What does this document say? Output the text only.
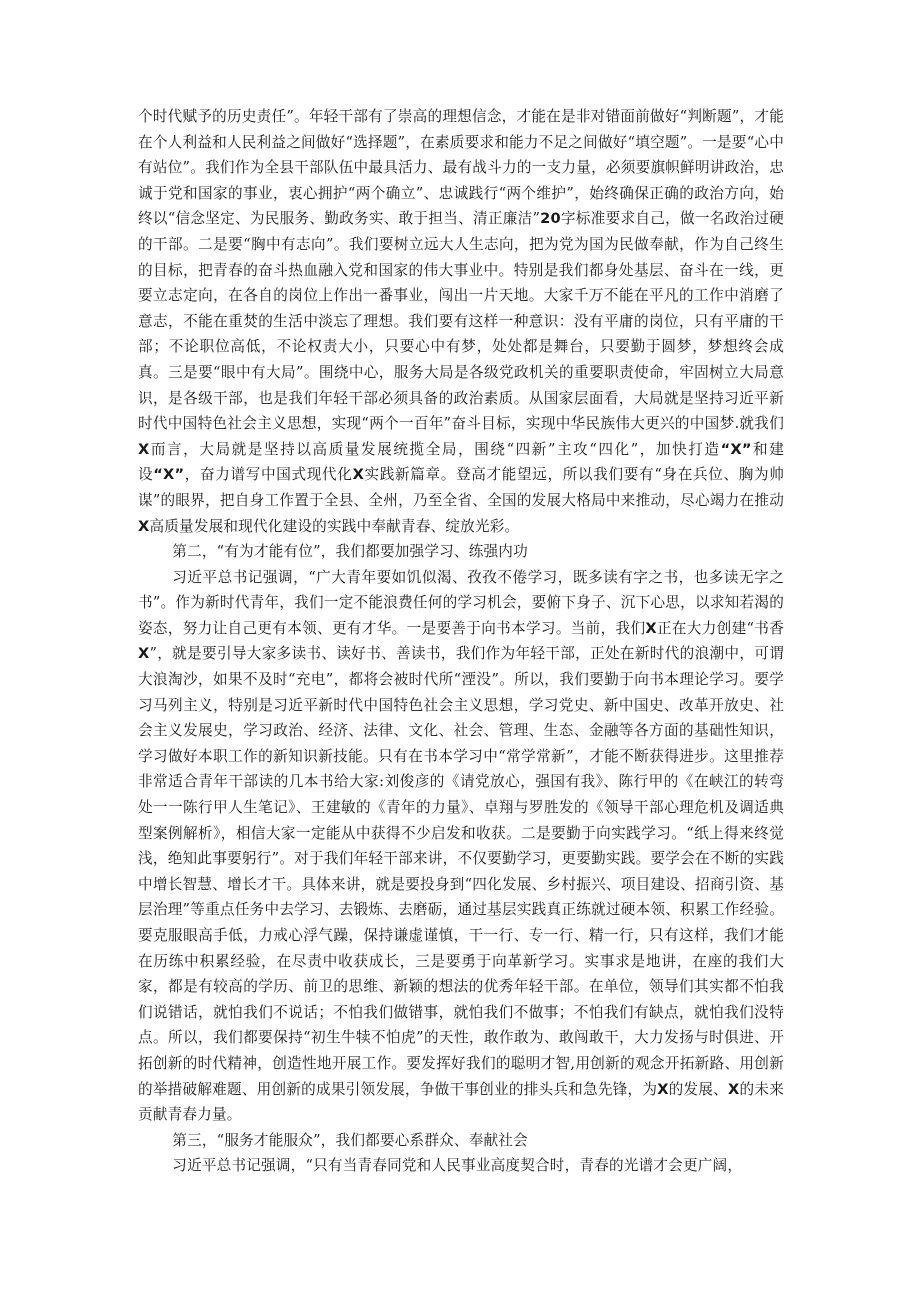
个时代赋予的历史责任”。年轻干部有了崇高的理想信念，才能在是非对错面前做好“判断题”，才能在个人利益和人民利益之间做好“选择题”，在素质要求和能力不足之间做好“填空题”。一是要“心中有站位”。我们作为全县干部队伍中最具活力、最有战斗力的一支力量，必须要旗帜鲜明讲政治，忠诚于党和国家的事业，衷心拥护“两个确立”、忠诚践行“两个维护”，始终确保正确的政治方向，始终以“信念坚定、为民服务、勤政务实、敢于担当、清正廉洁”20字标准要求自己，做一名政治过硬的干部。二是要“胸中有志向”。我们要树立远大人生志向，把为党为国为民做奉献，作为自己终生的目标，把青春的奋斗热血融入党和国家的伟大事业中。特别是我们都身处基层、奋斗在一线，更要立志定向，在各自的岗位上作出一番事业，闯出一片天地。大家千万不能在平凡的工作中消磨了意志，不能在重焚的生活中淡忘了理想。我们要有这样一种意识：没有平庸的岗位，只有平庸的干部；不论职位高低，不论权责大小，只要心中有梦，处处都是舞台，只要勤于圆梦，梦想终会成真。三是要“眼中有大局”。围绕中心，服务大局是各级党政机关的重要职责使命，牢固树立大局意识，是各级干部，也是我们年轻干部必须具备的政治素质。从国家层面看，大局就是坚持习近平新时代中国特色社会主义思想，实现“两个一百年”奋斗目标，实现中华民族伟大更兴的中国梦.就我们X而言，大局就是坚持以高质量发展统揽全局，围绕“四新”主攻“四化”，加快打造“X”和建设“X”，奋力谱写中国式现代化X实践新篇章。登高才能望远，所以我们要有“身在兵位、胸为帅谋”的眼界，把自身工作置于全县、全州，乃至全省、全国的发展大格局中来推动，尽心竭力在推动X高质量发展和现代化建设的实践中奉献青春、绽放光彩。

第二，“有为才能有位”，我们都要加强学习、练强内功

习近平总书记强调，“广大青年要如饥似渴、孜孜不倦学习，既多读有字之书，也多读无字之书”。作为新时代青年，我们一定不能浪费任何的学习机会，要俯下身子、沉下心思，以求知若渴的姿态，努力让自己更有本领、更有才华。一是要善于向书本学习。当前，我们X正在大力创建“书香X”，就是要引导大家多读书、读好书、善读书，我们作为年轻干部，正处在新时代的浪潮中，可谓大浪淘沙，如果不及时“充电”，都将会被时代所“湮没”。所以，我们要勤于向书本理论学习。要学习马列主义，特别是习近平新时代中国特色社会主义思想，学习党史、新中国史、改革开放史、社会主义发展史，学习政治、经济、法律、文化、社会、管理、生态、金融等各方面的基础性知识，学习做好本职工作的新知识新技能。只有在书本学习中“常学常新”，才能不断获得进步。这里推荐非常适合青年干部读的几本书给大家:刘俊彦的《请党放心，强国有我》、陈行甲的《在峡江的转弯处一一陈行甲人生笔记》、王建敏的《青年的力量》、卓翔与罗胜发的《领导干部心理危机及调适典型案例解析》，相信大家一定能从中获得不少启发和收获。二是要勤于向实践学习。“纸上得来终觉浅，绝知此事要躬行”。对于我们年轻干部来讲，不仅要勤学习，更要勤实践。要学会在不断的实践中增长智慧、增长才干。具体来讲，就是要投身到“四化发展、乡村振兴、项目建设、招商引资、基层治理”等重点任务中去学习、去锻炼、去磨砺，通过基层实践真正练就过硬本领、积累工作经验。要克服眼高手低，力戒心浮气躁，保持谦虚谨慎，干一行、专一行、精一行，只有这样，我们才能在历练中积累经验，在尽责中收获成长，三是要勇于向革新学习。实事求是地讲，在座的我们大家，都是有较高的学历、前卫的思维、新颖的想法的优秀年轻干部。在单位，领导们其实都不怕我们说错话，就怕我们不说话；不怕我们做错事，就怕我们不做事；不怕我们有缺点，就怕我们没特点。所以，我们都要保持“初生牛犊不怕虎”的天性，敢作敢为、敢闯敢干，大力发扬与时俱进、开拓创新的时代精神，创造性地开展工作。要发挥好我们的聪明才智,用创新的观念开拓新路、用创新的举措破解难题、用创新的成果引领发展，争做干事创业的排头兵和急先锋，为X的发展、X的未来贡献青春力量。

第三，“服务才能服众”，我们都要心系群众、奉献社会

习近平总书记强调，“只有当青春同党和人民事业高度契合时，青春的光谱才会更广阔，
